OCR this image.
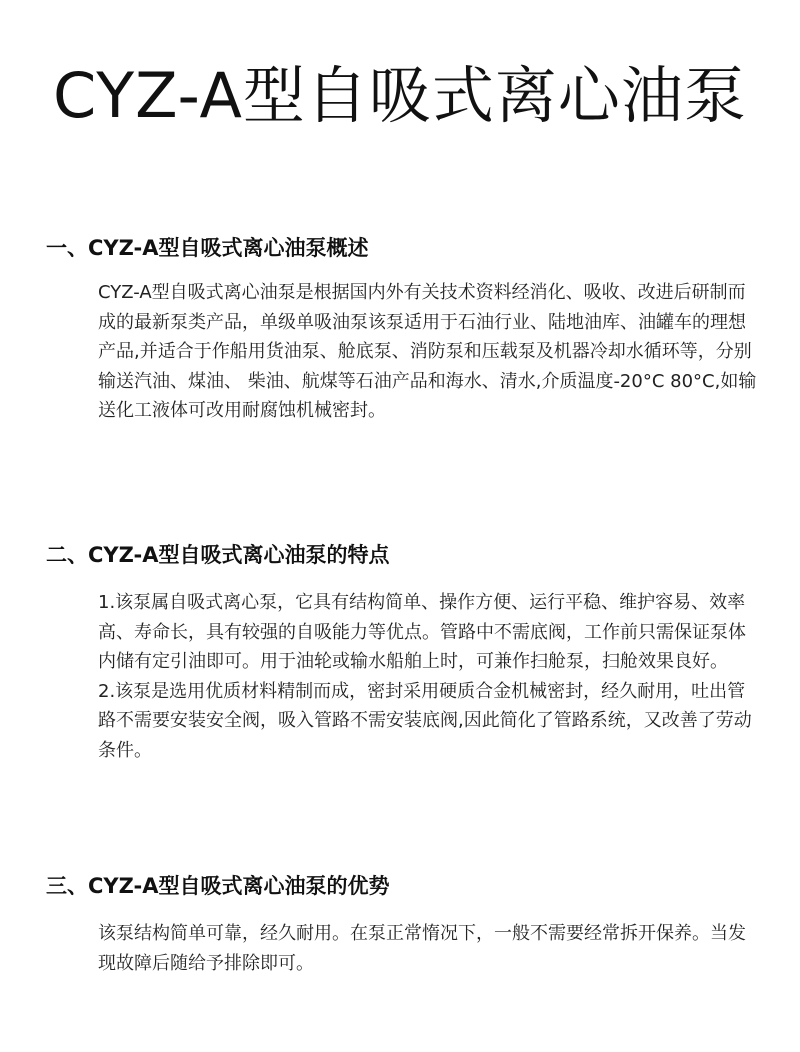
CYZ-A型自吸式离心油泵
一、CYZ-A型自吸式离心油泵概述

CYZ-A型自吸式离心油泵是根据国内外有关技术资料经消化、吸收、改进后研制而成的最新泵类产品，单级单吸油泵该泵适用于石油行业、陆地油库、油罐车的理想产品,并适合于作船用货油泵、舱底泵、消防泵和压载泵及机器冷却水循环等，分别输送汽油、煤油、 柴油、航煤等石油产品和海水、清水,介质温度-20°C 80°C,如输送化工液体可改用耐腐蚀机械密封。

二、CYZ-A型自吸式离心油泵的特点

1.该泵属自吸式离心泵，它具有结构简单、操作方便、运行平稳、维护容易、效率高、寿命长，具有较强的自吸能力等优点。管路中不需底阀，工作前只需保证泵体内储有定引油即可。用于油轮或输水船舶上时，可兼作扫舱泵，扫舱效果良好。

2.该泵是选用优质材料精制而成，密封采用硬质合金机械密封，经久耐用，吐出管路不需要安装安全阀，吸入管路不需安装底阀,因此简化了管路系统，又改善了劳动条件。

三、CYZ-A型自吸式离心油泵的优势

该泵结构简单可靠，经久耐用。在泵正常惰况下，一般不需要经常拆开保养。当发现故障后随给予排除即可。
